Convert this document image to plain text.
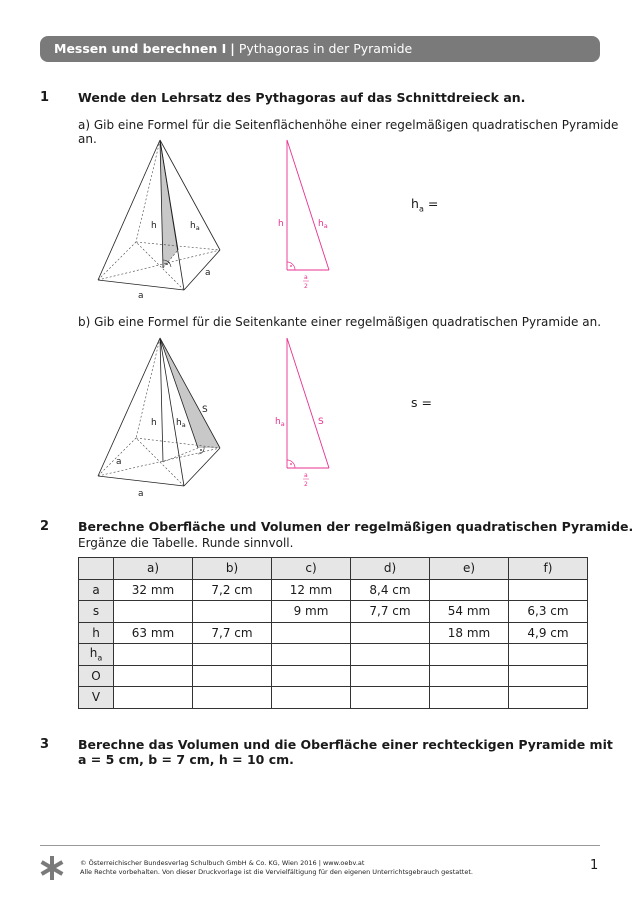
Messen und berechnen I | Pythagoras in der Pyramide
1 Wende den Lehrsatz des Pythagoras auf das Schnittdreieck an.
a) Gib eine Formel für die Seitenflächenhöhe einer regelmäßigen quadratischen Pyramide an.
h	$h_a$
a
a
h	$h_a$
a
2
$h_a$ =
b) Gib eine Formel für die Seitenkante einer regelmäßigen quadratischen Pyramide an.
h $h_a$
S
a
a
$h_a$	S
a
2
s =
2 Berechne Oberfläche und Volumen der regelmäßigen quadratischen Pyramide.
Ergänze die Tabelle. Runde sinnvoll.
	a)	b)	c)	d)	e)	f)
a	32 mm	7,2 cm	12 mm	8,4 cm		
s			9 mm	7,7 cm	54 mm	6,3 cm
h	63 mm	7,7 cm			18 mm	4,9 cm
$h_a$						
O						
V						
3 Berechne das Volumen und die Oberfläche einer rechteckigen Pyramide mit
a = 5 cm, b = 7 cm, h = 10 cm.
© Österreichischer Bundesverlag Schulbuch GmbH & Co. KG, Wien 2016 | www.oebv.at
Alle Rechte vorbehalten. Von dieser Druckvorlage ist die Vervielfältigung für den eigenen Unterrichtsgebrauch gestattet.	1
